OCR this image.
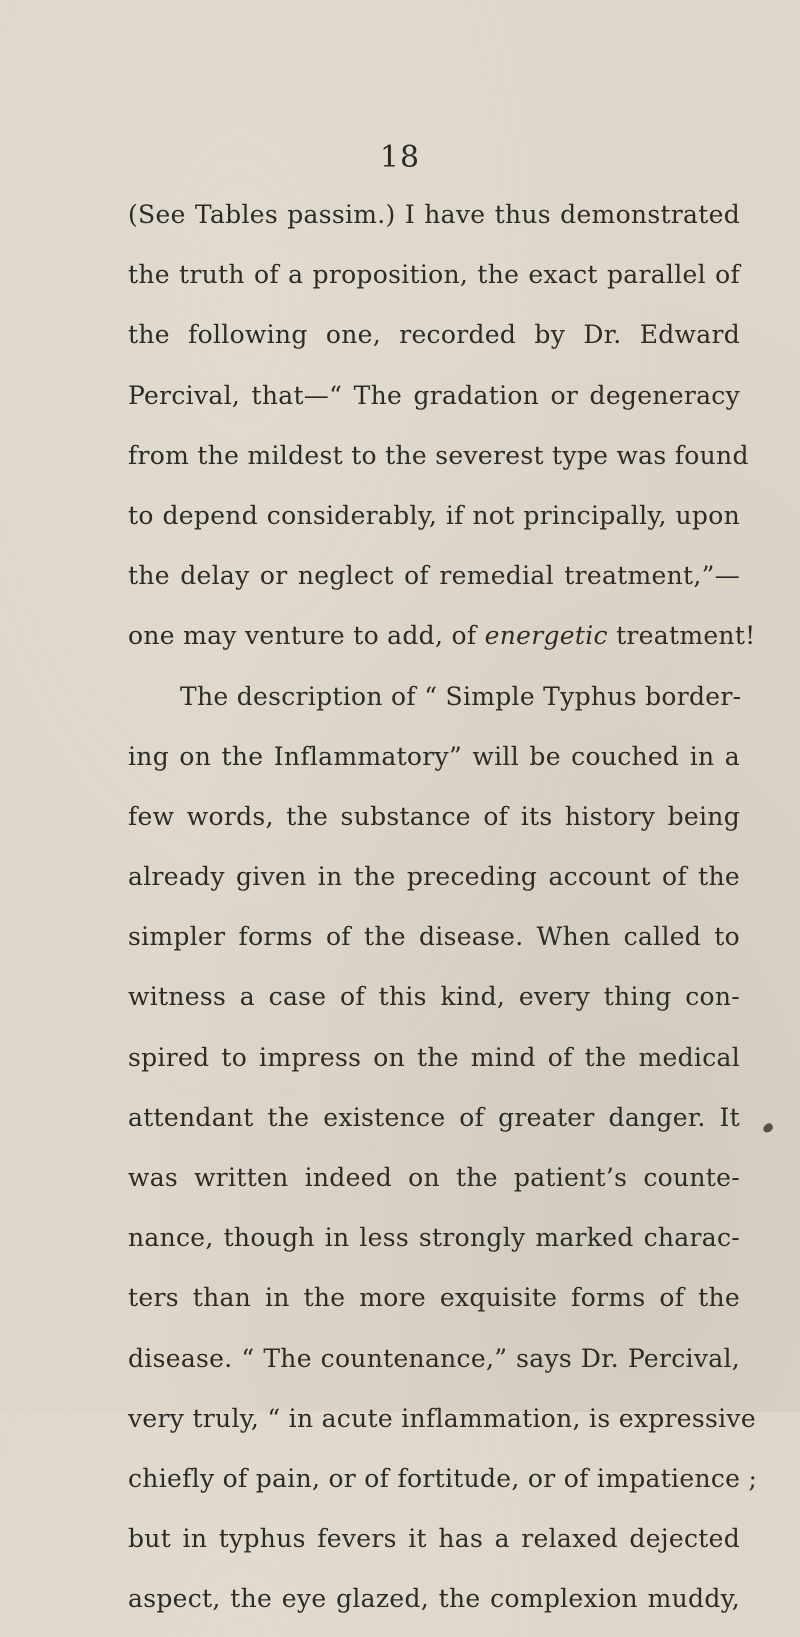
18
(See Tables passim.) I have thus demonstrated
the truth of a proposition, the exact parallel of
the following one, recorded by Dr. Edward
Percival, that—“ The gradation or degeneracy
from the mildest to the severest type was found
to depend considerably, if not principally, upon
the delay or neglect of remedial treatment,”—
one may venture to add, of energetic treatment!
The description of “ Simple Typhus border-
ing on the Inflammatory” will be couched in a
few words, the substance of its history being
already given in the preceding account of the
simpler forms of the disease. When called to
witness a case of this kind, every thing con-
spired to impress on the mind of the medical
attendant the existence of greater danger. It
was written indeed on the patient’s counte-
nance, though in less strongly marked charac-
ters than in the more exquisite forms of the
disease. “ The countenance,” says Dr. Percival,
very truly, “ in acute inflammation, is expressive
chiefly of pain, or of fortitude, or of impatience ;
but in typhus fevers it has a relaxed dejected
aspect, the eye glazed, the complexion muddy,
